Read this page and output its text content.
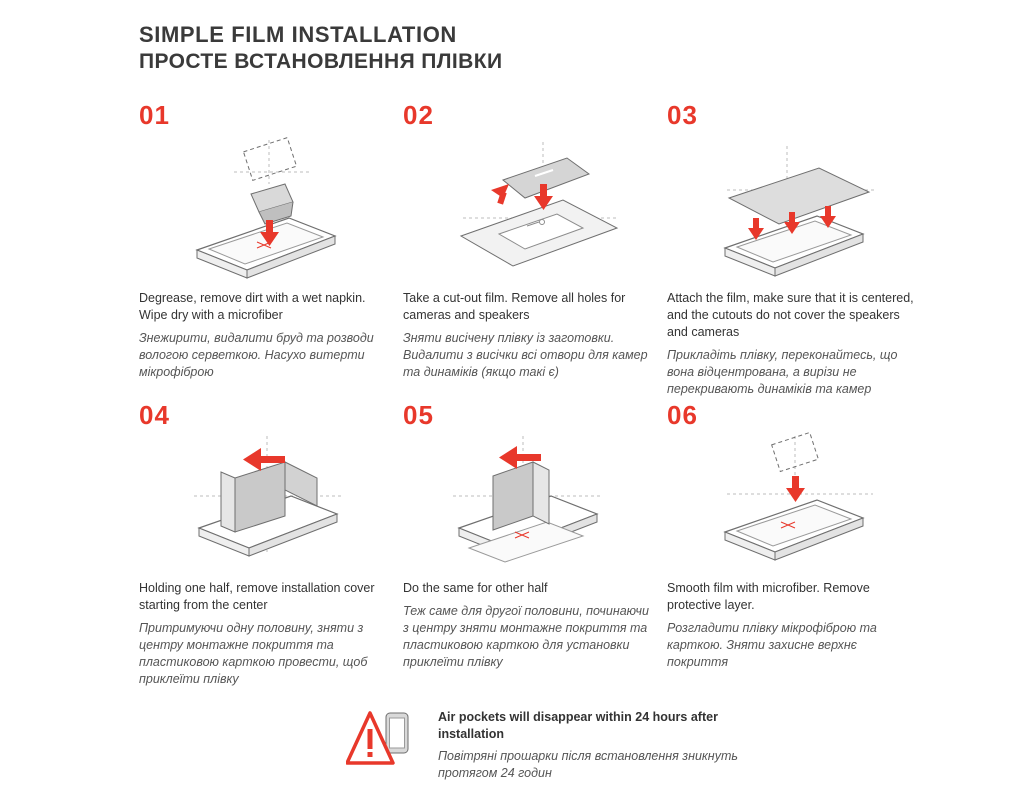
SIMPLE FILM INSTALLATION
ПРОСТЕ ВСТАНОВЛЕННЯ ПЛІВКИ
01

Degrease, remove dirt with a wet napkin. Wipe dry with a microfiber

Знежирити, видалити бруд та розводи вологою серветкою. Насухо витерти мікрофіброю

02

Take a cut-out film. Remove all holes for cameras and speakers

Зняти висічену плівку із заготовки. Видалити з висічки всі отвори для камер та динаміків (якщо такі є)

03

Attach the film, make sure that it is centered, and the cutouts do not cover the speakers and cameras

Прикладіть плівку, переконайтесь, що вона відцентрована, а вирізи не перекривають динаміків та камер

04

Holding one half, remove installation cover starting from the center

Притримуючи одну половину, зняти з центру монтажне покриття та пластиковою карткою провести, щоб приклеїти плівку

05

Do the same for other half

Теж саме для другої половини, починаючи з центру зняти монтажне покриття та пластиковою карткою для установки приклеїти плівку

06

Smooth film with microfiber. Remove protective layer.

Розгладити плівку мікрофіброю та карткою. Зняти захисне верхнє покриття

Air pockets will disappear within 24 hours after installation

Повітряні прошарки після встановлення зникнуть протягом 24 годин
